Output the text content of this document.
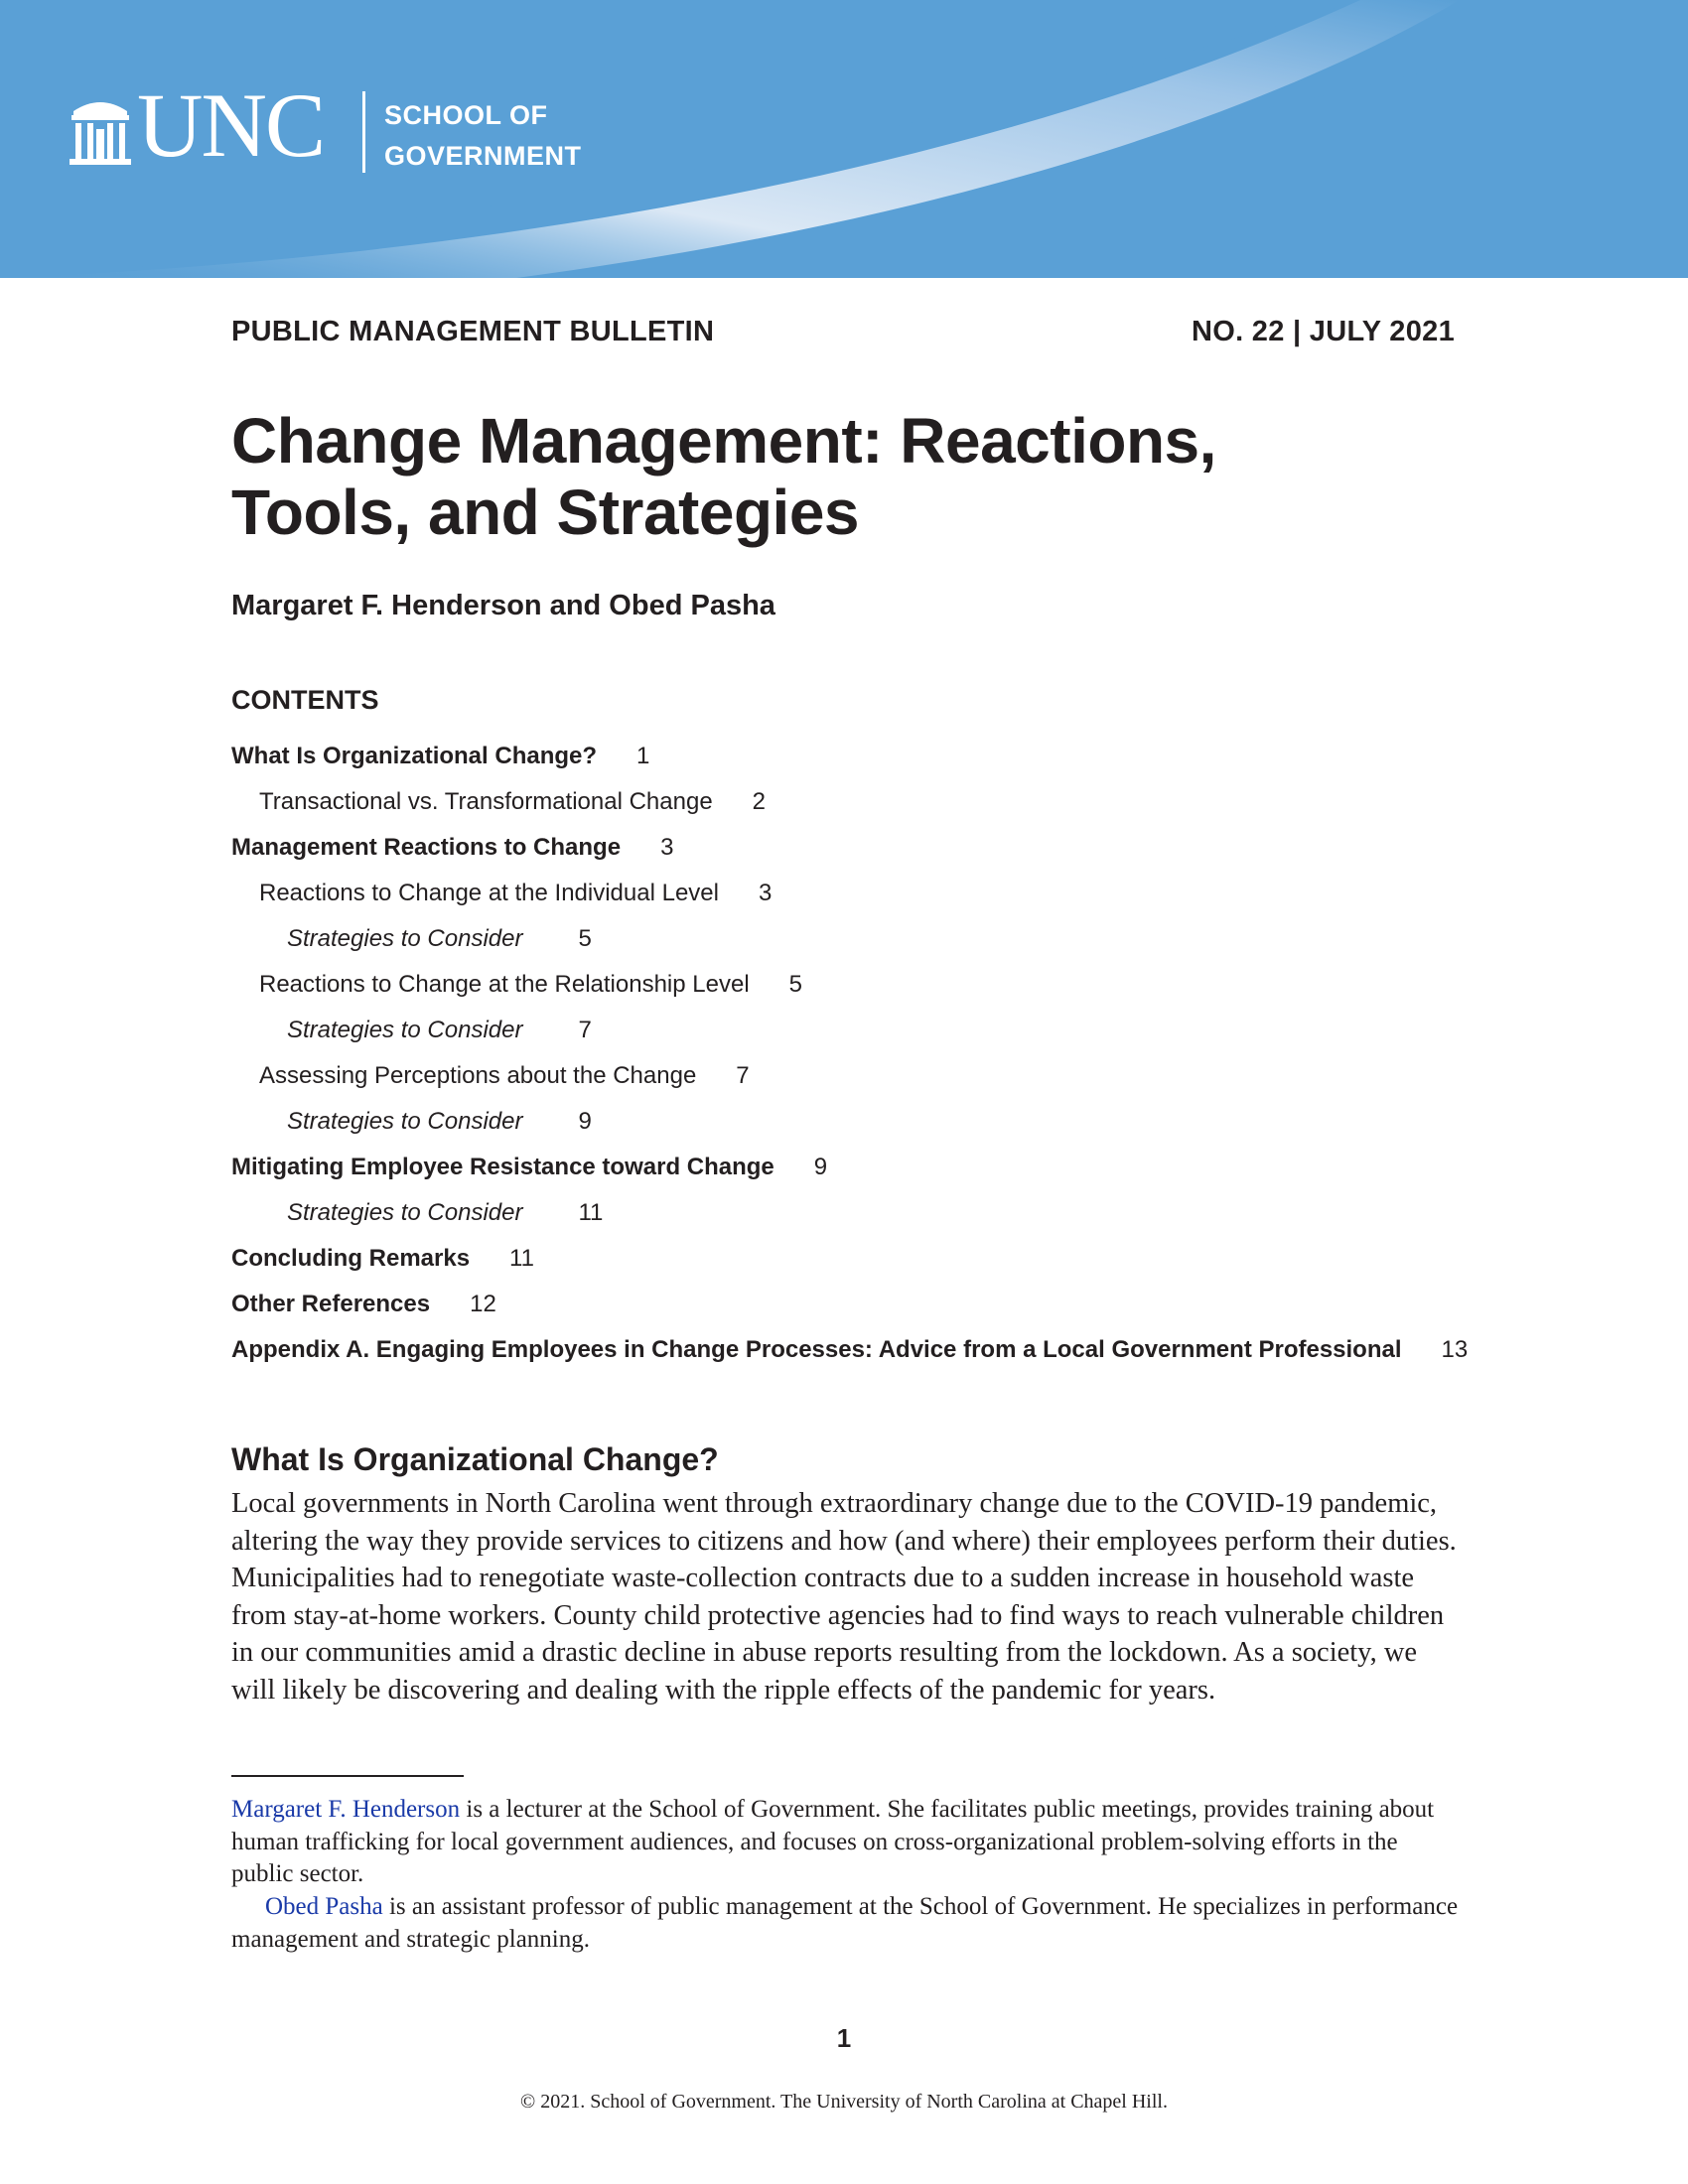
UNC SCHOOL OF
GOVERNMENT
PUBLIC MANAGEMENT BULLETIN	NO. 22 | JULY 2021
Change Management: Reactions,
Tools, and Strategies
Margaret F. Henderson and Obed Pasha
CONTENTS
What Is Organizational Change? 1
Transactional vs. Transformational Change 2
Management Reactions to Change 3
Reactions to Change at the Individual Level 3
Strategies to Consider 5
Reactions to Change at the Relationship Level 5
Strategies to Consider 7
Assessing Perceptions about the Change 7
Strategies to Consider 9
Mitigating Employee Resistance toward Change 9
Strategies to Consider 11
Concluding Remarks 11
Other References 12
Appendix A. Engaging Employees in Change Processes: Advice from a Local Government Professional 13
What Is Organizational Change?

Local governments in North Carolina went through extraordinary change due to the COVID-19 pandemic, altering the way they provide services to citizens and how (and where) their employees perform their duties. Municipalities had to renegotiate waste-collection contracts due to a sudden increase in household waste from stay-at-home workers. County child protective agencies had to find ways to reach vulnerable children in our communities amid a drastic decline in abuse reports resulting from the lockdown. As a society, we will likely be discovering and dealing with the ripple effects of the pandemic for years.

Margaret F. Henderson is a lecturer at the School of Government. She facilitates public meetings, provides training about human trafficking for local government audiences, and focuses on cross-organizational problem-solving efforts in the public sector.

Obed Pasha is an assistant professor of public management at the School of Government. He specializes in performance management and strategic planning.

1
© 2021. School of Government. The University of North Carolina at Chapel Hill.
